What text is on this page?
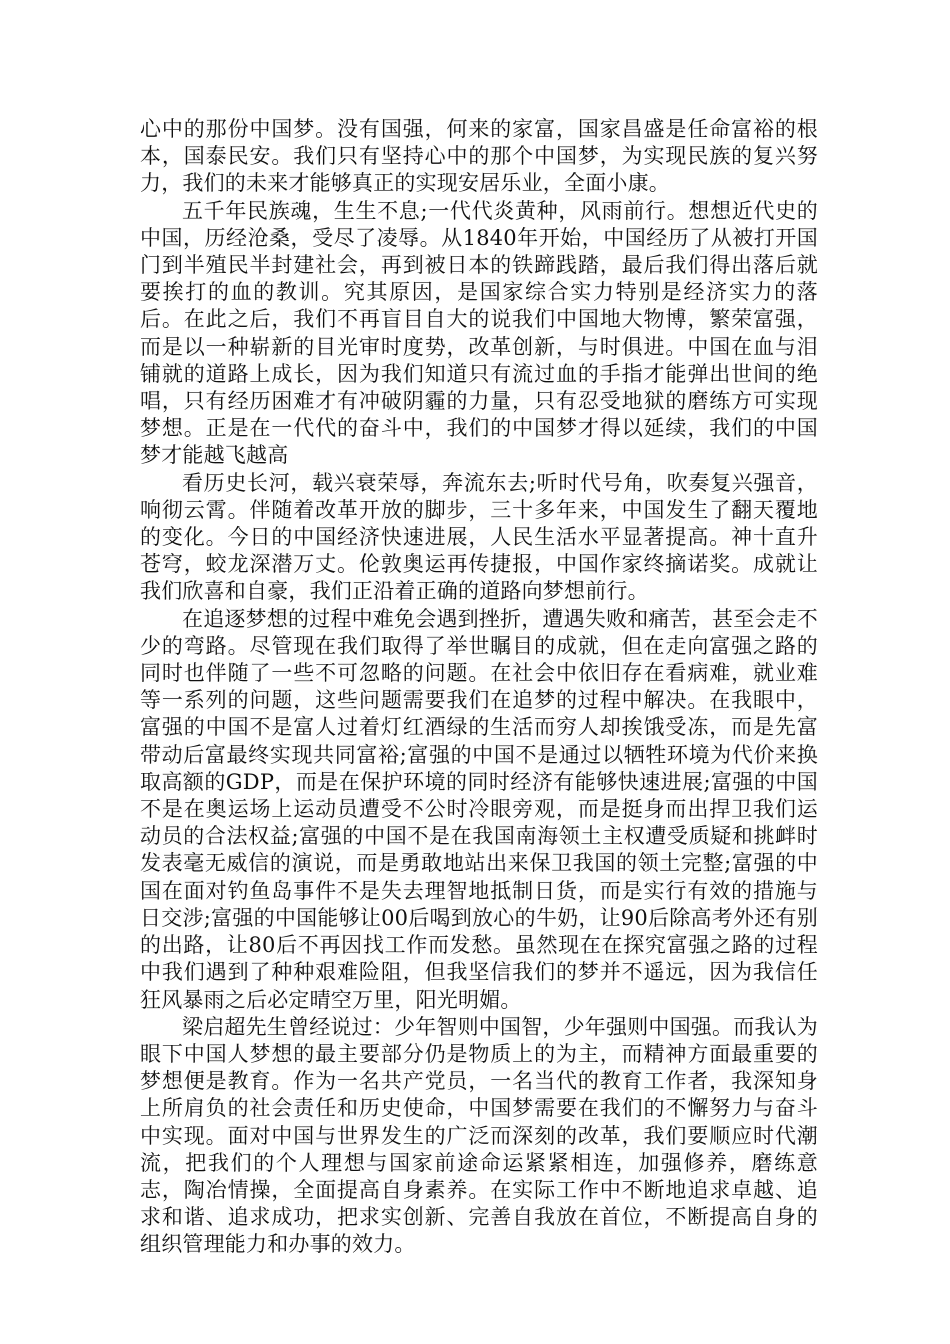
心中的那份中国梦。没有国强，何来的家富，国家昌盛是任命富裕的根本，国泰民安。我们只有坚持心中的那个中国梦，为实现民族的复兴努力，我们的未来才能够真正的实现安居乐业，全面小康。

五千年民族魂，生生不息;一代代炎黄种，风雨前行。想想近代史的中国，历经沧桑，受尽了凌辱。从1840年开始，中国经历了从被打开国门到半殖民半封建社会，再到被日本的铁蹄践踏，最后我们得出落后就要挨打的血的教训。究其原因，是国家综合实力特别是经济实力的落后。在此之后，我们不再盲目自大的说我们中国地大物博，繁荣富强，而是以一种崭新的目光审时度势，改革创新，与时俱进。中国在血与泪铺就的道路上成长，因为我们知道只有流过血的手指才能弹出世间的绝唱，只有经历困难才有冲破阴霾的力量，只有忍受地狱的磨练方可实现梦想。正是在一代代的奋斗中，我们的中国梦才得以延续，我们的中国梦才能越飞越高

看历史长河，载兴衰荣辱，奔流东去;听时代号角，吹奏复兴强音，响彻云霄。伴随着改革开放的脚步，三十多年来，中国发生了翻天覆地的变化。今日的中国经济快速进展，人民生活水平显著提高。神十直升苍穹，蛟龙深潜万丈。伦敦奥运再传捷报，中国作家终摘诺奖。成就让我们欣喜和自豪，我们正沿着正确的道路向梦想前行。

在追逐梦想的过程中难免会遇到挫折，遭遇失败和痛苦，甚至会走不少的弯路。尽管现在我们取得了举世瞩目的成就，但在走向富强之路的同时也伴随了一些不可忽略的问题。在社会中依旧存在看病难，就业难等一系列的问题，这些问题需要我们在追梦的过程中解决。在我眼中，富强的中国不是富人过着灯红酒绿的生活而穷人却挨饿受冻，而是先富带动后富最终实现共同富裕;富强的中国不是通过以牺牲环境为代价来换取高额的GDP，而是在保护环境的同时经济有能够快速进展;富强的中国不是在奥运场上运动员遭受不公时冷眼旁观，而是挺身而出捍卫我们运动员的合法权益;富强的中国不是在我国南海领土主权遭受质疑和挑衅时发表毫无威信的演说，而是勇敢地站出来保卫我国的领土完整;富强的中国在面对钓鱼岛事件不是失去理智地抵制日货，而是实行有效的措施与日交涉;富强的中国能够让00后喝到放心的牛奶，让90后除高考外还有别的出路，让80后不再因找工作而发愁。虽然现在在探究富强之路的过程中我们遇到了种种艰难险阻，但我坚信我们的梦并不遥远，因为我信任狂风暴雨之后必定晴空万里，阳光明媚。

梁启超先生曾经说过：少年智则中国智，少年强则中国强。而我认为眼下中国人梦想的最主要部分仍是物质上的为主，而精神方面最重要的梦想便是教育。作为一名共产党员，一名当代的教育工作者，我深知身上所肩负的社会责任和历史使命，中国梦需要在我们的不懈努力与奋斗中实现。面对中国与世界发生的广泛而深刻的改革，我们要顺应时代潮流，把我们的个人理想与国家前途命运紧紧相连，加强修养，磨练意志，陶冶情操，全面提高自身素养。在实际工作中不断地追求卓越、追求和谐、追求成功，把求实创新、完善自我放在首位，不断提高自身的组织管理能力和办事的效力。
